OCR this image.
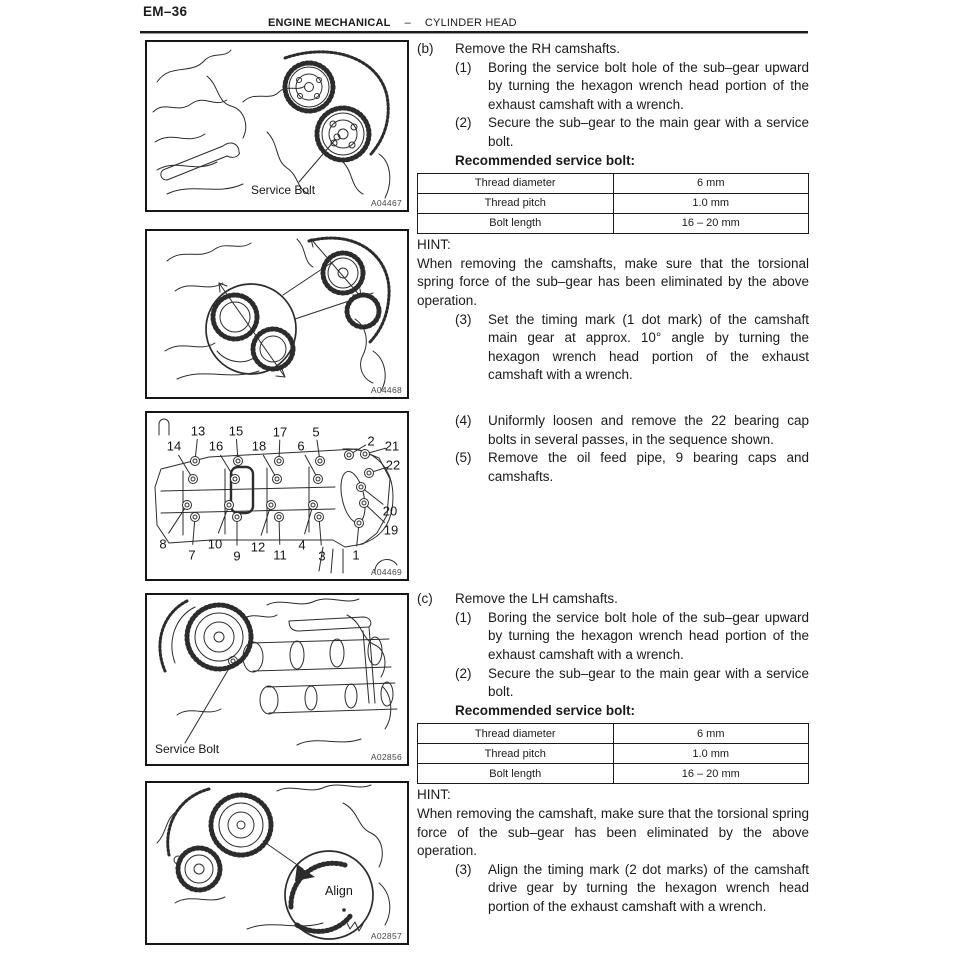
EM–36
ENGINE MECHANICAL – CYLINDER HEAD
Service Bolt
A04467
A04468
13 15 17 5
14 16 18 6	2 21
22
20
19
8
7
10
9
12
11
4
3 1
A04469
Service Bolt
A02856
Align
A02857
(b)	Remove the RH camshafts.
(1)	Boring the service bolt hole of the sub–gear upward by turning the hexagon wrench head portion of the exhaust camshaft with a wrench.
(2)	Secure the sub–gear to the main gear with a service bolt.
Recommended service bolt:
Thread diameter	6 mm
Thread pitch	1.0 mm
Bolt length	16 – 20 mm
HINT:
When removing the camshafts, make sure that the torsional spring force of the sub–gear has been eliminated by the above operation.
(3)	Set the timing mark (1 dot mark) of the camshaft main gear at approx. 10° angle by turning the hexagon wrench head portion of the exhaust camshaft with a wrench.
(4)	Uniformly loosen and remove the 22 bearing cap bolts in several passes, in the sequence shown.
(5)	Remove the oil feed pipe, 9 bearing caps and camshafts.
(c)	Remove the LH camshafts.
(1)	Boring the service bolt hole of the sub–gear upward by turning the hexagon wrench head portion of the exhaust camshaft with a wrench.
(2)	Secure the sub–gear to the main gear with a service bolt.
Recommended service bolt:
Thread diameter	6 mm
Thread pitch	1.0 mm
Bolt length	16 – 20 mm
HINT:
When removing the camshaft, make sure that the torsional spring force of the sub–gear has been eliminated by the above operation.
(3)	Align the timing mark (2 dot marks) of the camshaft drive gear by turning the hexagon wrench head portion of the exhaust camshaft with a wrench.
